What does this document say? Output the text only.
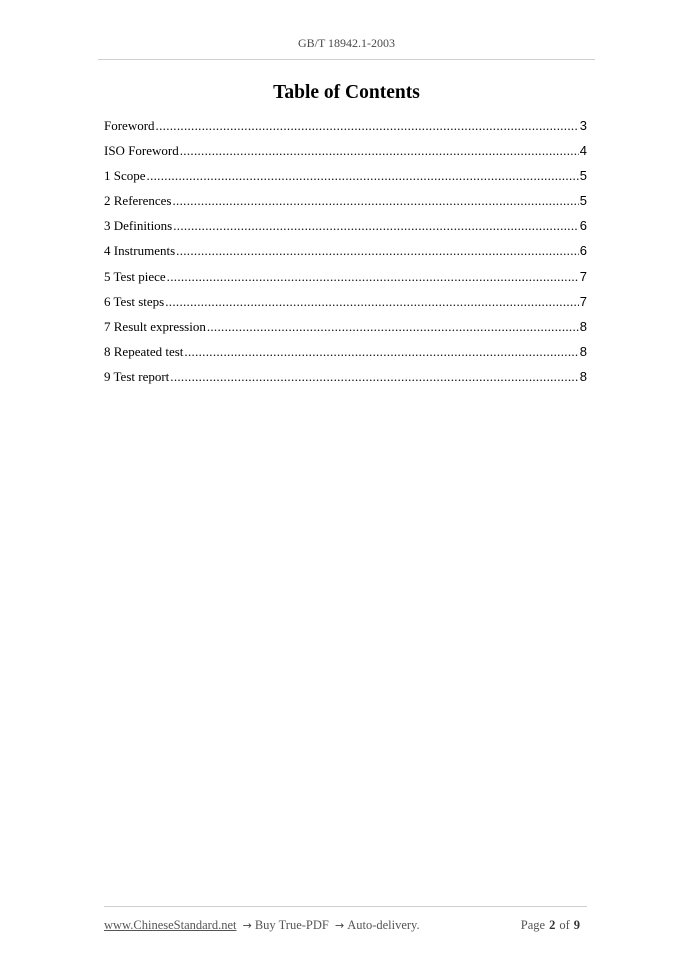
GB/T 18942.1-2003
Table of Contents
Foreword .....	3
ISO Foreword .....	4
1 Scope .....	5
2 References .....	5
3 Definitions .....	6
4 Instruments .....	6
5 Test piece .....	7
6 Test steps .....	7
7 Result expression .....	8
8 Repeated test .....	8
9 Test report .....	8
www.ChineseStandard.net → Buy True-PDF → Auto-delivery.	Page 2 of 9
